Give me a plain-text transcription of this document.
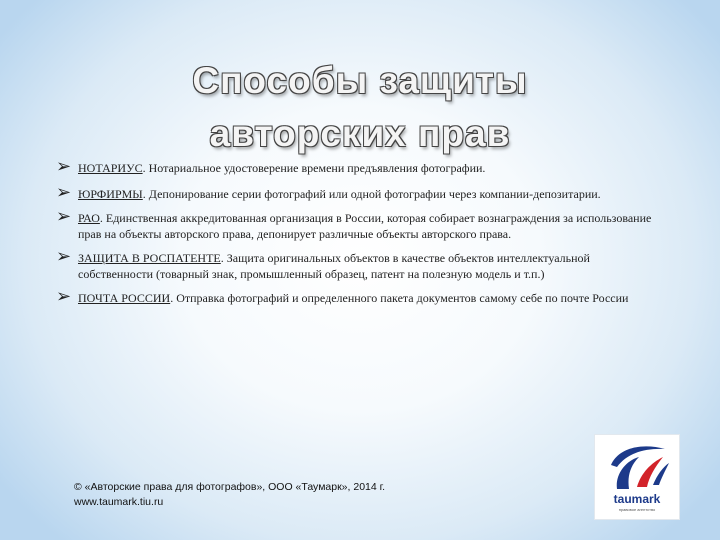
Способы защиты
авторских прав
➢ НОТАРИУС. Нотариальное удостоверение времени предъявления фотографии.
➢ ЮРФИРМЫ. Депонирование серии фотографий или одной фотографии через компании-депозитарии.
➢ РАО. Единственная аккредитованная организация в России, которая собирает вознаграждения за использование прав на объекты авторского права, депонирует различные объекты авторского права.
➢ ЗАЩИТА В РОСПАТЕНТЕ. Защита оригинальных объектов в качестве объектов интеллектуальной собственности (товарный знак, промышленный образец, патент на полезную модель и т.п.)
➢ ПОЧТА РОССИИ. Отправка фотографий и определенного пакета документов самому себе по почте России
© «Авторские права для фотографов», ООО «Таумарк», 2014 г.
www.taumark.tiu.ru	taumark
правовое агентство
